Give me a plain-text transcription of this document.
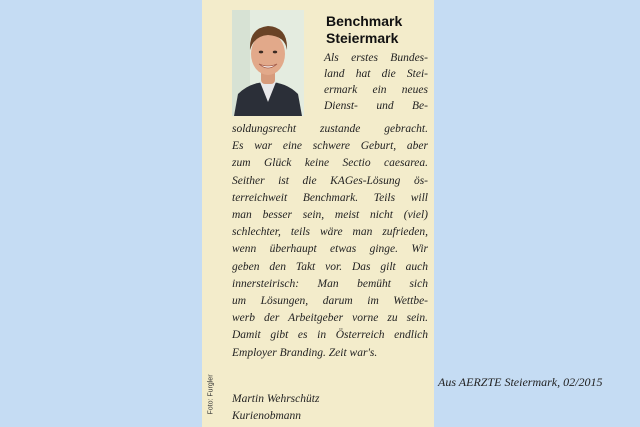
Foto: Furgler
Benchmark
Steiermark
Als erstes Bundes-
land hat die Stei-
ermark ein neues
Dienst- und Be-
soldungsrecht zustande gebracht.
Es war eine schwere Geburt, aber
zum Glück keine Sectio caesarea.
Seither ist die KAGes-Lösung ös-
terreichweit Benchmark. Teils will
man besser sein, meist nicht (viel)
schlechter, teils wäre man zufrieden,
wenn überhaupt etwas ginge. Wir
geben den Takt vor. Das gilt auch
innersteirisch: Man bemüht sich
um Lösungen, darum im Wettbe-
werb der Arbeitgeber vorne zu sein.
Damit gibt es in Österreich endlich
Employer Branding. Zeit war's.
Martin Wehrschütz
Kurienobmann
Aus AERZTE Steiermark, 02/2015
